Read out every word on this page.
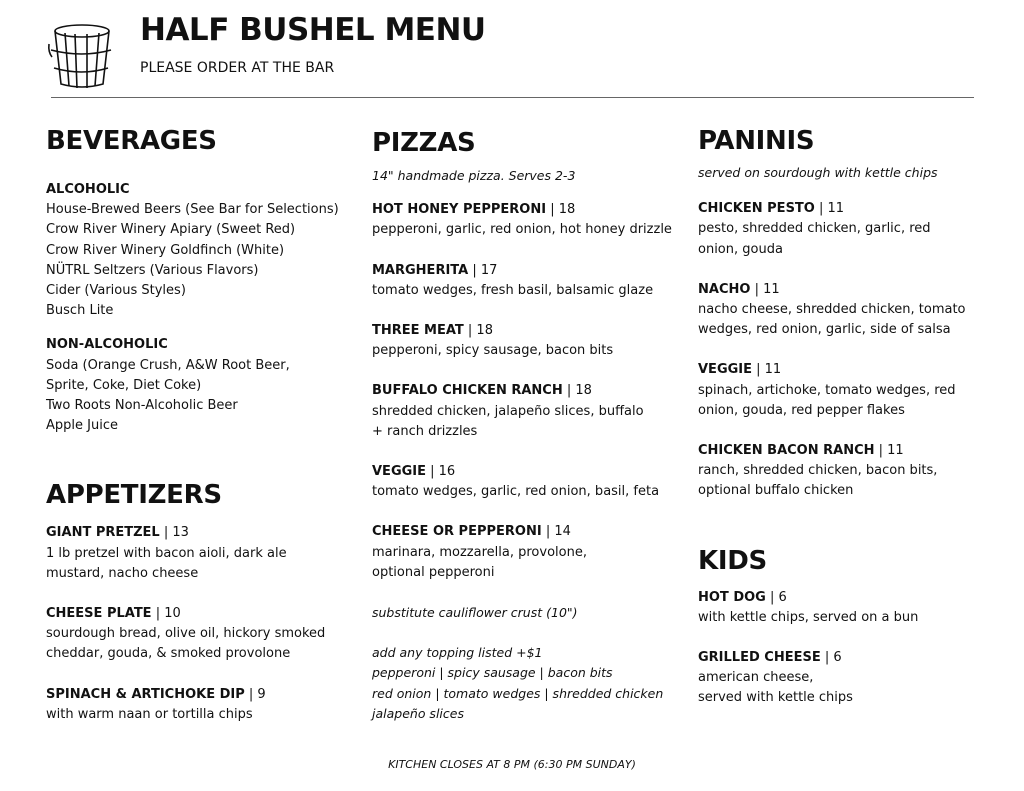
HALF BUSHEL MENU
PLEASE ORDER AT THE BAR
BEVERAGES
ALCOHOLIC
House-Brewed Beers (See Bar for Selections)
Crow River Winery Apiary (Sweet Red)
Crow River Winery Goldfinch (White)
NÜTRL Seltzers (Various Flavors)
Cider (Various Styles)
Busch Lite
NON-ALCOHOLIC
Soda (Orange Crush, A&W Root Beer, Sprite, Coke, Diet Coke)
Two Roots Non-Alcoholic Beer
Apple Juice
APPETIZERS
GIANT PRETZEL | 13
1 lb pretzel with bacon aioli, dark ale mustard, nacho cheese
CHEESE PLATE | 10
sourdough bread, olive oil, hickory smoked cheddar, gouda, & smoked provolone
SPINACH & ARTICHOKE DIP | 9
with warm naan or tortilla chips
PIZZAS
14" handmade pizza. Serves 2-3
HOT HONEY PEPPERONI | 18
pepperoni, garlic, red onion, hot honey drizzle
MARGHERITA | 17
tomato wedges, fresh basil, balsamic glaze
THREE MEAT | 18
pepperoni, spicy sausage, bacon bits
BUFFALO CHICKEN RANCH | 18
shredded chicken, jalapeño slices, buffalo + ranch drizzles
VEGGIE | 16
tomato wedges, garlic, red onion, basil, feta
CHEESE OR PEPPERONI | 14
marinara, mozzarella, provolone, optional pepperoni
substitute cauliflower crust (10")
add any topping listed +$1
pepperoni | spicy sausage | bacon bits
red onion | tomato wedges | shredded chicken
jalapeño slices
PANINIS
served on sourdough with kettle chips
CHICKEN PESTO | 11
pesto, shredded chicken, garlic, red onion, gouda
NACHO | 11
nacho cheese, shredded chicken, tomato wedges, red onion, garlic, side of salsa
VEGGIE | 11
spinach, artichoke, tomato wedges, red onion, gouda, red pepper flakes
CHICKEN BACON RANCH | 11
ranch, shredded chicken, bacon bits, optional buffalo chicken
KIDS
HOT DOG | 6
with kettle chips, served on a bun
GRILLED CHEESE | 6
american cheese, served with kettle chips
KITCHEN CLOSES AT 8 PM (6:30 PM SUNDAY)
